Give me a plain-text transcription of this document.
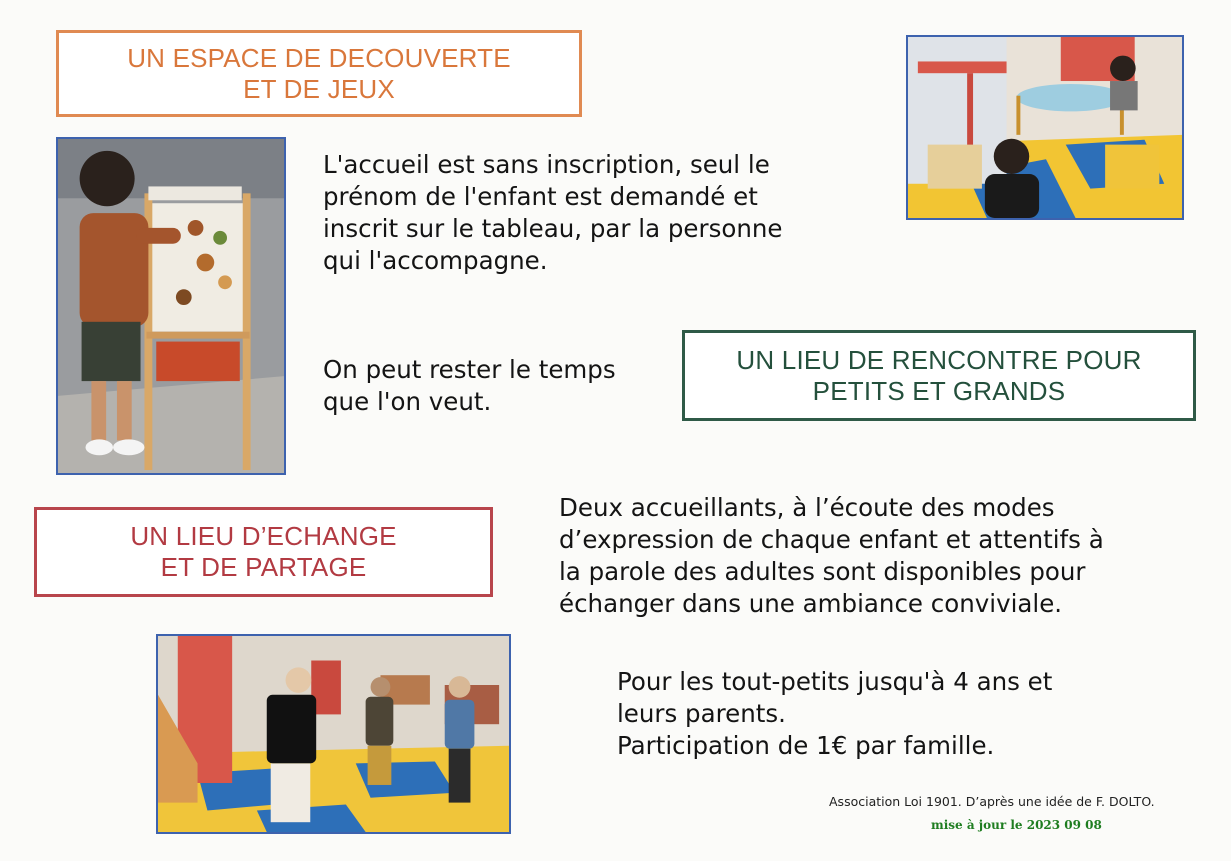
UN ESPACE DE DECOUVERTE
ET DE JEUX
L'accueil est sans inscription, seul le
prénom de l'enfant est demandé et
inscrit sur le tableau, par la personne
qui l'accompagne.
On peut rester le temps
que l'on veut.
UN LIEU DE RENCONTRE POUR
PETITS ET GRANDS
UN LIEU D’ECHANGE
ET DE PARTAGE
Deux accueillants, à l’écoute des modes
d’expression de chaque enfant et attentifs à
la parole des adultes sont disponibles pour
échanger dans une ambiance conviviale.
Pour les tout-petits jusqu'à 4 ans et
leurs parents.
Participation de 1€ par famille.
Association Loi 1901. D’après une idée de F. DOLTO.
mise à jour le 2023 09 08
